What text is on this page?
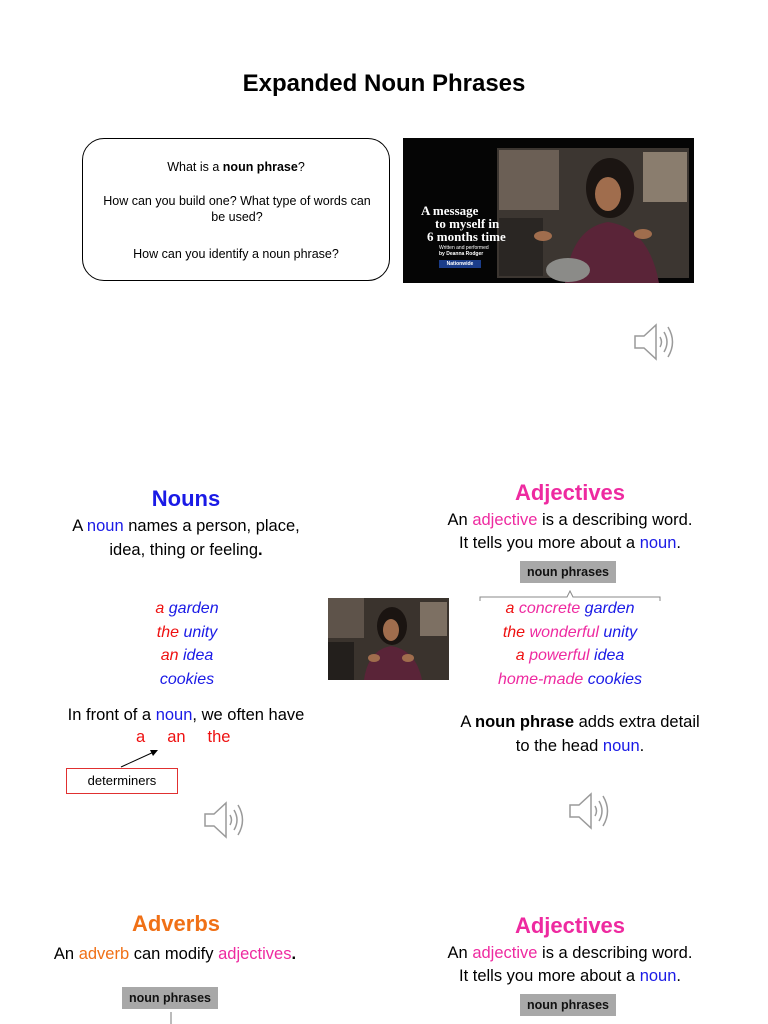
Expanded Noun Phrases

What is a noun phrase?

How can you build one? What type of words can be used?

How can you identify a noun phrase?

A message
to myself in
6 months time
Written and performed
by Deanna Rodger
Nationwide
Nouns
A noun names a person, place,
idea, thing or feeling.
a garden
the unity
an idea
cookies
In front of a noun, we often have
a an the
determiners
Adjectives
An adjective is a describing word.
It tells you more about a noun.
noun phrases
a concrete garden
the wonderful unity
a powerful idea
home-made cookies
A noun phrase adds extra detail
to the head noun.
Adverbs
An adverb can modify adjectives.
noun phrases
Adjectives
An adjective is a describing word.
It tells you more about a noun.
noun phrases
